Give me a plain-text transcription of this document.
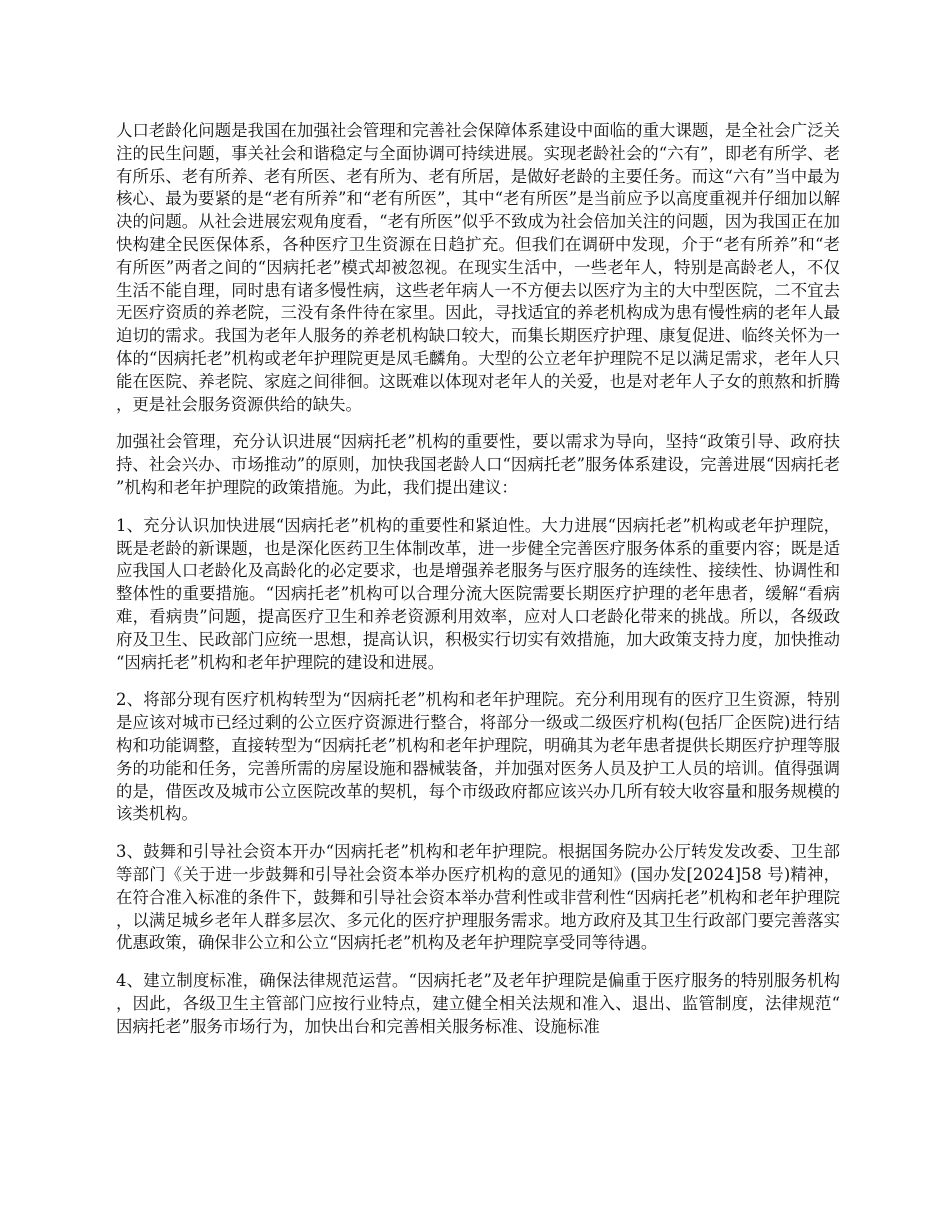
人口老龄化问题是我国在加强社会管理和完善社会保障体系建设中面临的重大课题，是全社会广泛关注的民生问题，事关社会和谐稳定与全面协调可持续进展。实现老龄社会的“六有”，即老有所学、老有所乐、老有所养、老有所医、老有所为、老有所居，是做好老龄的主要任务。而这“六有”当中最为核心、最为要紧的是“老有所养”和“老有所医”，其中“老有所医”是当前应予以高度重视并仔细加以解决的问题。从社会进展宏观角度看，“老有所医”似乎不致成为社会倍加关注的问题，因为我国正在加快构建全民医保体系，各种医疗卫生资源在日趋扩充。但我们在调研中发现，介于“老有所养”和“老有所医”两者之间的“因病托老”模式却被忽视。在现实生活中，一些老年人，特别是高龄老人，不仅生活不能自理，同时患有诸多慢性病，这些老年病人一不方便去以医疗为主的大中型医院，二不宜去无医疗资质的养老院，三没有条件待在家里。因此，寻找适宜的养老机构成为患有慢性病的老年人最迫切的需求。我国为老年人服务的养老机构缺口较大，而集长期医疗护理、康复促进、临终关怀为一体的“因病托老”机构或老年护理院更是凤毛麟角。大型的公立老年护理院不足以满足需求，老年人只能在医院、养老院、家庭之间徘徊。这既难以体现对老年人的关爱，也是对老年人子女的煎熬和折腾，更是社会服务资源供给的缺失。

加强社会管理，充分认识进展“因病托老”机构的重要性，要以需求为导向，坚持“政策引导、政府扶持、社会兴办、市场推动”的原则，加快我国老龄人口“因病托老”服务体系建设，完善进展“因病托老”机构和老年护理院的政策措施。为此，我们提出建议：

1、充分认识加快进展“因病托老”机构的重要性和紧迫性。大力进展“因病托老”机构或老年护理院，既是老龄的新课题，也是深化医药卫生体制改革，进一步健全完善医疗服务体系的重要内容；既是适应我国人口老龄化及高龄化的必定要求，也是增强养老服务与医疗服务的连续性、接续性、协调性和整体性的重要措施。“因病托老”机构可以合理分流大医院需要长期医疗护理的老年患者，缓解“看病难，看病贵”问题，提高医疗卫生和养老资源利用效率，应对人口老龄化带来的挑战。所以，各级政府及卫生、民政部门应统一思想，提高认识，积极实行切实有效措施，加大政策支持力度，加快推动“因病托老”机构和老年护理院的建设和进展。

2、将部分现有医疗机构转型为“因病托老”机构和老年护理院。充分利用现有的医疗卫生资源，特别是应该对城市已经过剩的公立医疗资源进行整合，将部分一级或二级医疗机构(包括厂企医院)进行结构和功能调整，直接转型为“因病托老”机构和老年护理院，明确其为老年患者提供长期医疗护理等服务的功能和任务，完善所需的房屋设施和器械装备，并加强对医务人员及护工人员的培训。值得强调的是，借医改及城市公立医院改革的契机，每个市级政府都应该兴办几所有较大收容量和服务规模的该类机构。

3、鼓舞和引导社会资本开办“因病托老”机构和老年护理院。根据国务院办公厅转发发改委、卫生部等部门《关于进一步鼓舞和引导社会资本举办医疗机构的意见的通知》(国办发[2024]58 号)精神，在符合准入标准的条件下，鼓舞和引导社会资本举办营利性或非营利性“因病托老”机构和老年护理院，以满足城乡老年人群多层次、多元化的医疗护理服务需求。地方政府及其卫生行政部门要完善落实优惠政策，确保非公立和公立“因病托老”机构及老年护理院享受同等待遇。

4、建立制度标准，确保法律规范运营。“因病托老”及老年护理院是偏重于医疗服务的特别服务机构，因此，各级卫生主管部门应按行业特点，建立健全相关法规和准入、退出、监管制度，法律规范“因病托老”服务市场行为，加快出台和完善相关服务标准、设施标准
